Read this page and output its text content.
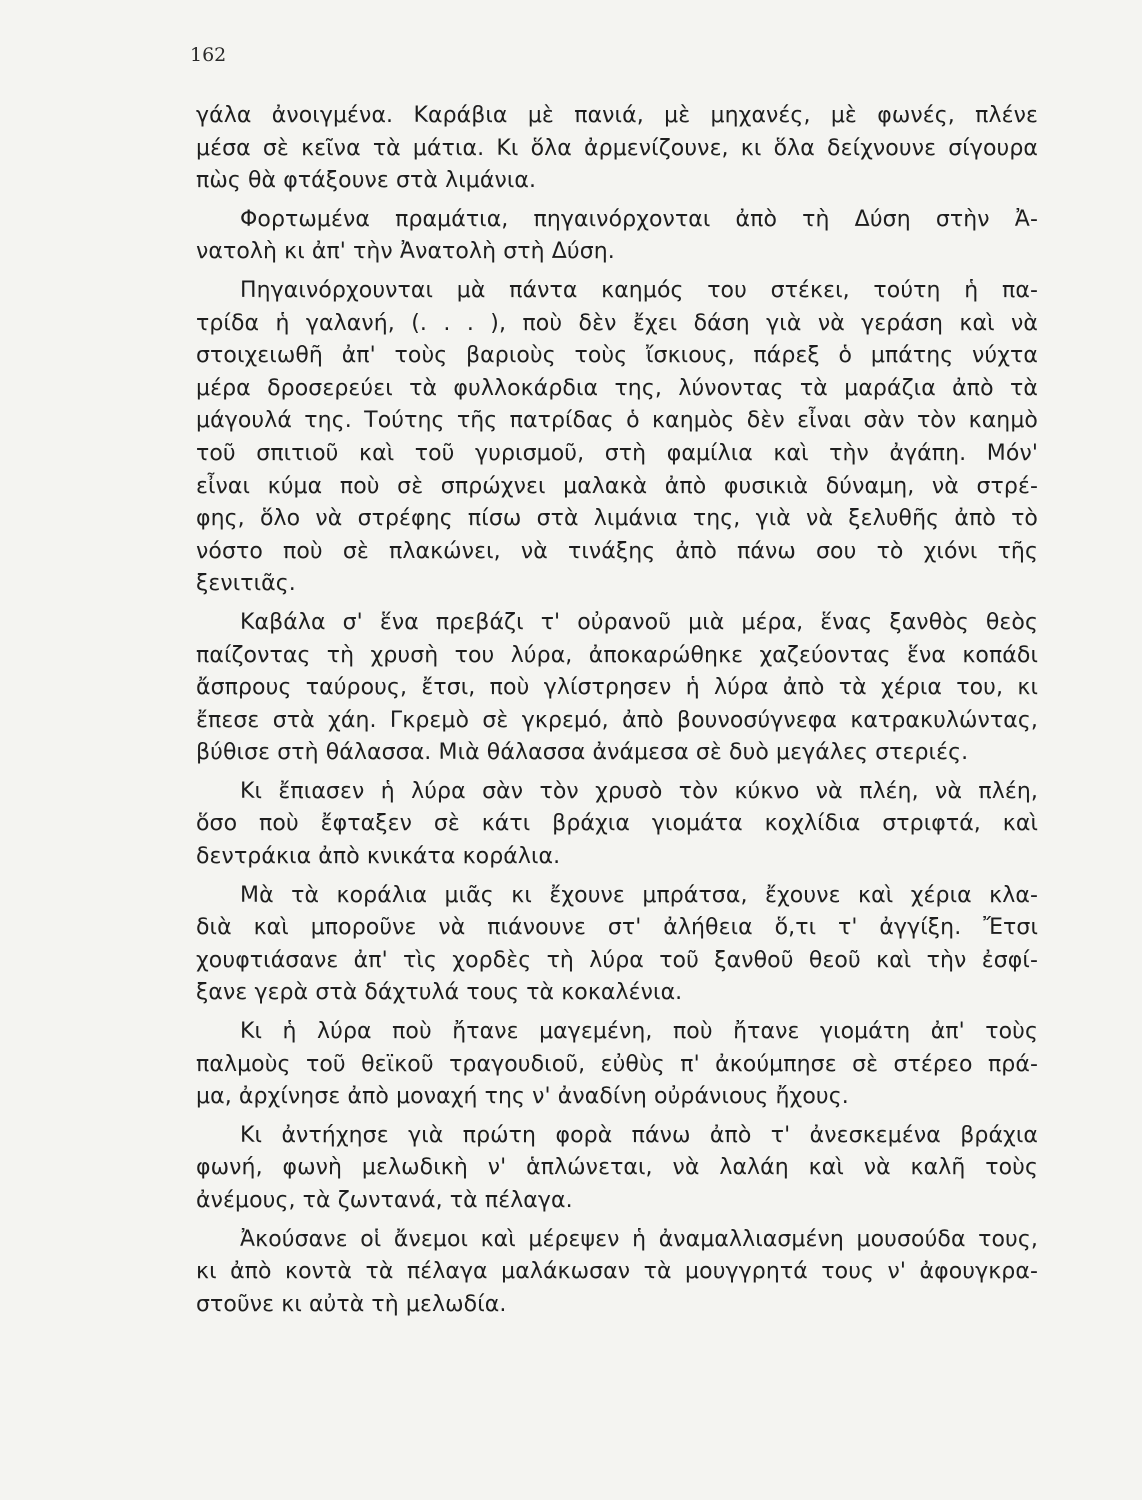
162
γάλα ἀνοιγμένα. Καράβια μὲ πανιά, μὲ μηχανές, μὲ φωνές, πλένε
μέσα σὲ κεῖνα τὰ μάτια. Κι ὅλα ἀρμενίζουνε, κι ὅλα δείχνουνε σίγουρα
πὼς θὰ φτάξουνε στὰ λιμάνια.
Φορτωμένα πραμάτια, πηγαινόρχονται ἀπὸ τὴ Δύση στὴν Ἀ-
νατολὴ κι ἀπ' τὴν Ἀνατολὴ στὴ Δύση.
Πηγαινόρχουνται μὰ πάντα καημός του στέκει, τούτη ἡ πα-
τρίδα ἡ γαλανή, (. . . ), ποὺ δὲν ἔχει δάση γιὰ νὰ γεράση καὶ νὰ
στοιχειωθῆ ἀπ' τοὺς βαριοὺς τοὺς ἴσκιους, πάρεξ ὁ μπάτης νύχτα
μέρα δροσερεύει τὰ φυλλοκάρδια της, λύνοντας τὰ μαράζια ἀπὸ τὰ
μάγουλά της. Τούτης τῆς πατρίδας ὁ καημὸς δὲν εἶναι σὰν τὸν καημὸ
τοῦ σπιτιοῦ καὶ τοῦ γυρισμοῦ, στὴ φαμίλια καὶ τὴν ἀγάπη. Μόν'
εἶναι κύμα ποὺ σὲ σπρώχνει μαλακὰ ἀπὸ φυσικιὰ δύναμη, νὰ στρέ-
φης, ὅλο νὰ στρέφης πίσω στὰ λιμάνια της, γιὰ νὰ ξελυθῆς ἀπὸ τὸ
νόστο ποὺ σὲ πλακώνει, νὰ τινάξης ἀπὸ πάνω σου τὸ χιόνι τῆς
ξενιτιᾶς.
Καβάλα σ' ἕνα πρεβάζι τ' οὐρανοῦ μιὰ μέρα, ἕνας ξανθὸς θεὸς
παίζοντας τὴ χρυσὴ του λύρα, ἀποκαρώθηκε χαζεύοντας ἕνα κοπάδι
ἄσπρους ταύρους, ἔτσι, ποὺ γλίστρησεν ἡ λύρα ἀπὸ τὰ χέρια του, κι
ἔπεσε στὰ χάη. Γκρεμὸ σὲ γκρεμό, ἀπὸ βουνοσύγνεφα κατρακυλώντας,
βύθισε στὴ θάλασσα. Μιὰ θάλασσα ἀνάμεσα σὲ δυὸ μεγάλες στεριές.
Κι ἔπιασεν ἡ λύρα σὰν τὸν χρυσὸ τὸν κύκνο νὰ πλέη, νὰ πλέη,
ὅσο ποὺ ἔφταξεν σὲ κάτι βράχια γιομάτα κοχλίδια στριφτά, καὶ
δεντράκια ἀπὸ κνικάτα κοράλια.
Μὰ τὰ κοράλια μιᾶς κι ἔχουνε μπράτσα, ἔχουνε καὶ χέρια κλα-
διὰ καὶ μποροῦνε νὰ πιάνουνε στ' ἀλήθεια ὅ,τι τ' ἀγγίξη. Ἔτσι
χουφτιάσανε ἀπ' τὶς χορδὲς τὴ λύρα τοῦ ξανθοῦ θεοῦ καὶ τὴν ἐσφί-
ξανε γερὰ στὰ δάχτυλά τους τὰ κοκαλένια.
Κι ἡ λύρα ποὺ ἤτανε μαγεμένη, ποὺ ἤτανε γιομάτη ἀπ' τοὺς
παλμοὺς τοῦ θεϊκοῦ τραγουδιοῦ, εὐθὺς π' ἀκούμπησε σὲ στέρεο πρά-
μα, ἀρχίνησε ἀπὸ μοναχή της ν' ἀναδίνη οὐράνιους ἤχους.
Κι ἀντήχησε γιὰ πρώτη φορὰ πάνω ἀπὸ τ' ἀνεσκεμένα βράχια
φωνή, φωνὴ μελωδικὴ ν' ἁπλώνεται, νὰ λαλάη καὶ νὰ καλῆ τοὺς
ἀνέμους, τὰ ζωντανά, τὰ πέλαγα.
Ἀκούσανε οἱ ἄνεμοι καὶ μέρεψεν ἡ ἀναμαλλιασμένη μουσούδα τους,
κι ἀπὸ κοντὰ τὰ πέλαγα μαλάκωσαν τὰ μουγγρητά τους ν' ἀφουγκρα-
στοῦνε κι αὐτὰ τὴ μελωδία.
